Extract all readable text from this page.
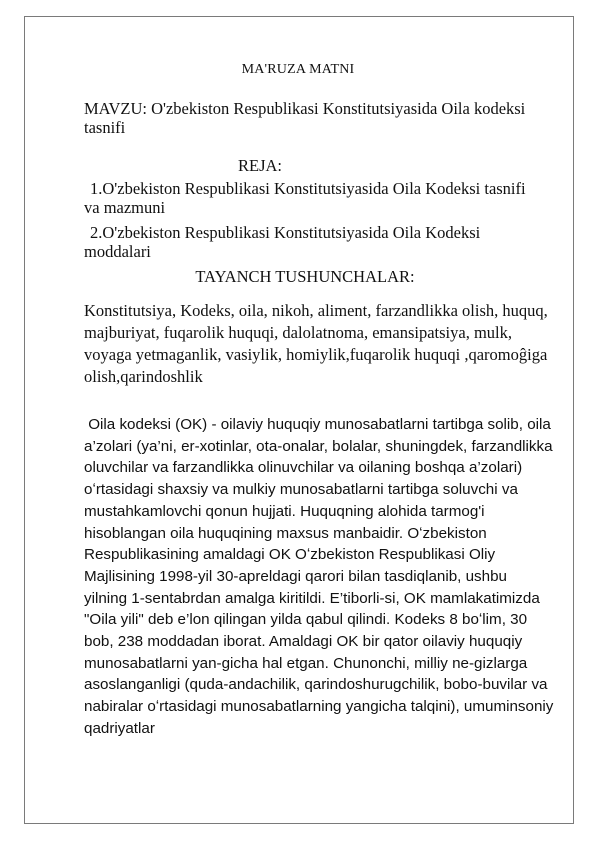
MA'RUZA MATNI
MAVZU: O'zbekiston Respublikasi Konstitutsiyasida Oila kodeksi tasnifi
REJA:
1.O'zbekiston Respublikasi Konstitutsiyasida Oila Kodeksi tasnifi va mazmuni
2.O'zbekiston Respublikasi Konstitutsiyasida Oila Kodeksi moddalari
TAYANCH TUSHUNCHALAR:
Konstitutsiya, Kodeks, oila, nikoh, aliment, farzandlikka olish, huquq, majburiyat, fuqarolik huquqi, dalolatnoma, emansipatsiya, mulk, voyaga yetmaganlik, vasiylik, homiylik,fuqarolik huquqi ,qaromoĝiga olish,qarindoshlik
Oila kodeksi (OK) - oilaviy huquqiy munosabatlarni tartibga solib, oila a’zolari (ya’ni, er-xotinlar, ota-onalar, bolalar, shuningdek, farzandlikka oluvchilar va farzandlikka olinuvchilar va oilaning boshqa a’zolari) oʻrtasidagi shaxsiy va mulkiy munosabatlarni tartibga soluvchi va mustahkamlovchi qonun hujjati. Huquqning alohida tarmog'i hisoblangan oila huquqining maxsus manbaidir. Oʻzbekiston Respublikasining amaldagi OK Oʻzbekiston Respublikasi Oliy Majlisining 1998-yil 30-apreldagi qarori bilan tasdiqlanib, ushbu yilning 1-sentabrdan amalga kiritildi. E’tiborli-si, OK mamlakatimizda "Oila yili" deb e’lon qilingan yilda qabul qilindi. Kodeks 8 boʻlim, 30 bob, 238 moddadan iborat. Amaldagi OK bir qator oilaviy huquqiy munosabatlarni yan-gicha hal etgan. Chunonchi, milliy ne-gizlarga asoslanganligi (quda-andachilik, qarindoshurugchilik, bobo-buvilar va nabiralar oʻrtasidagi munosabatlarning yangicha talqini), umuminsoniy qadriyatlar
